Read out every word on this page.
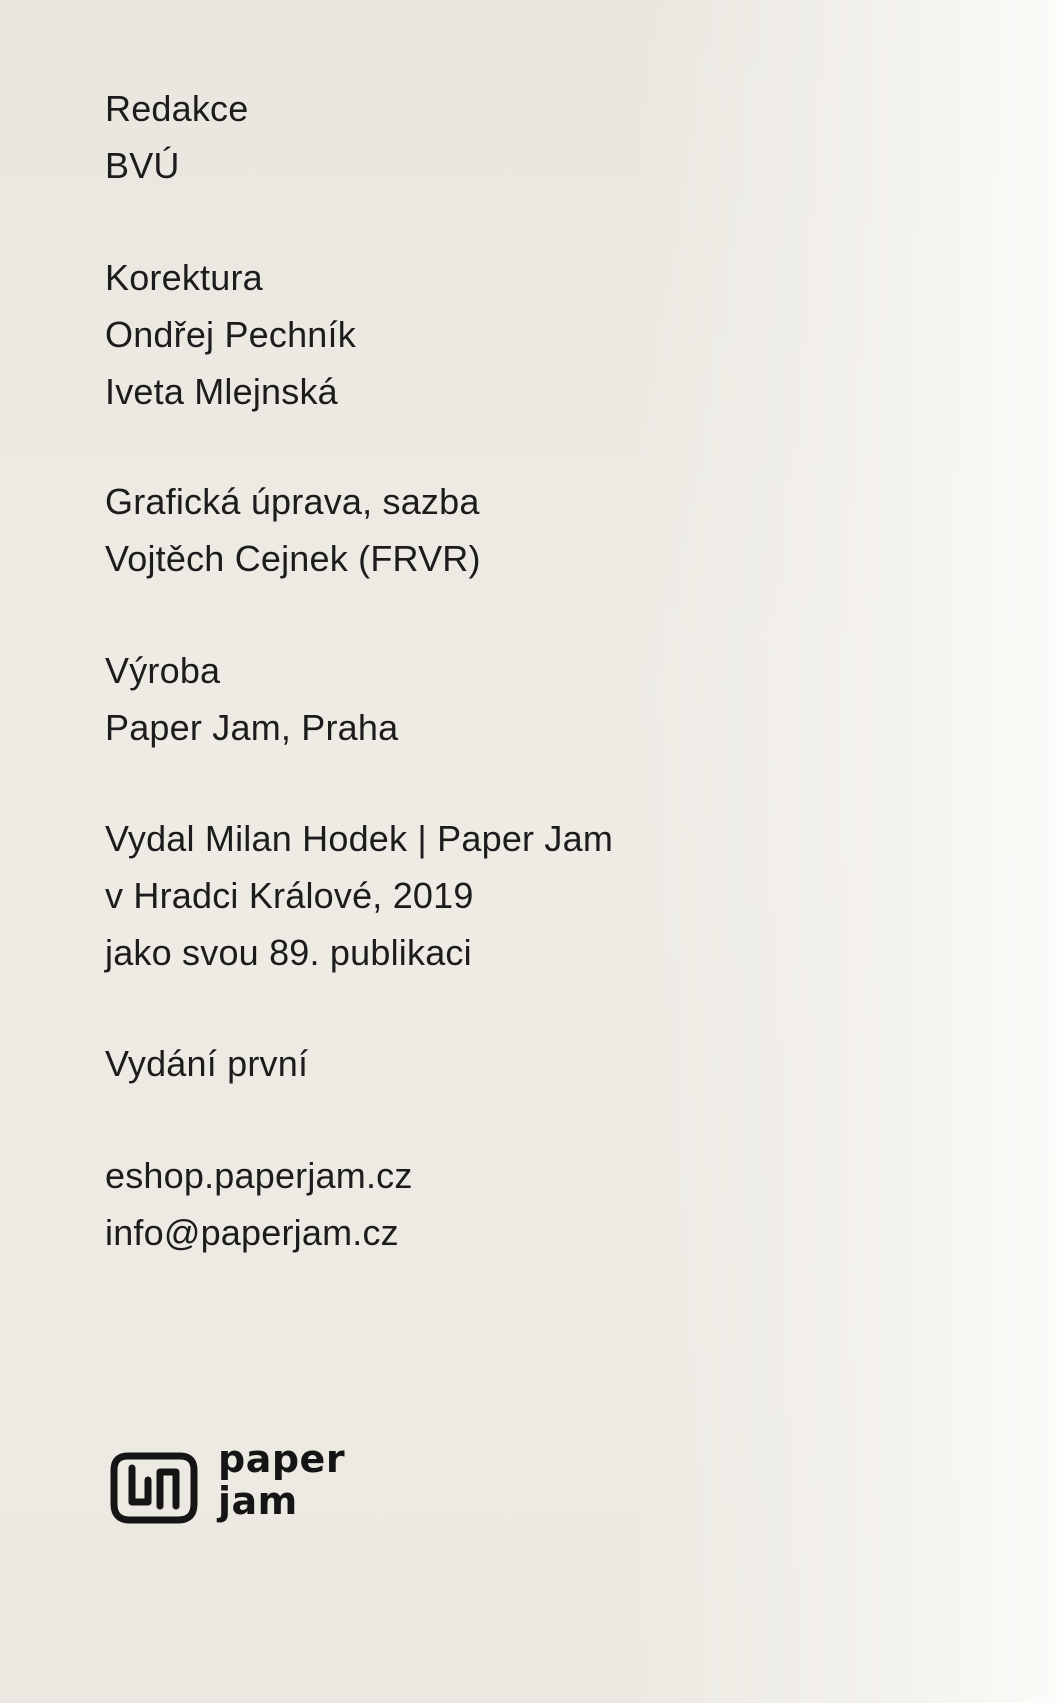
Redakce
BVÚ
Korektura
Ondřej Pechník
Iveta Mlejnská
Grafická úprava, sazba
Vojtěch Cejnek (FRVR)
Výroba
Paper Jam, Praha
Vydal Milan Hodek | Paper Jam
v Hradci Králové, 2019
jako svou 89. publikaci
Vydání první
eshop.paperjam.cz
info@paperjam.cz
paper
jam
